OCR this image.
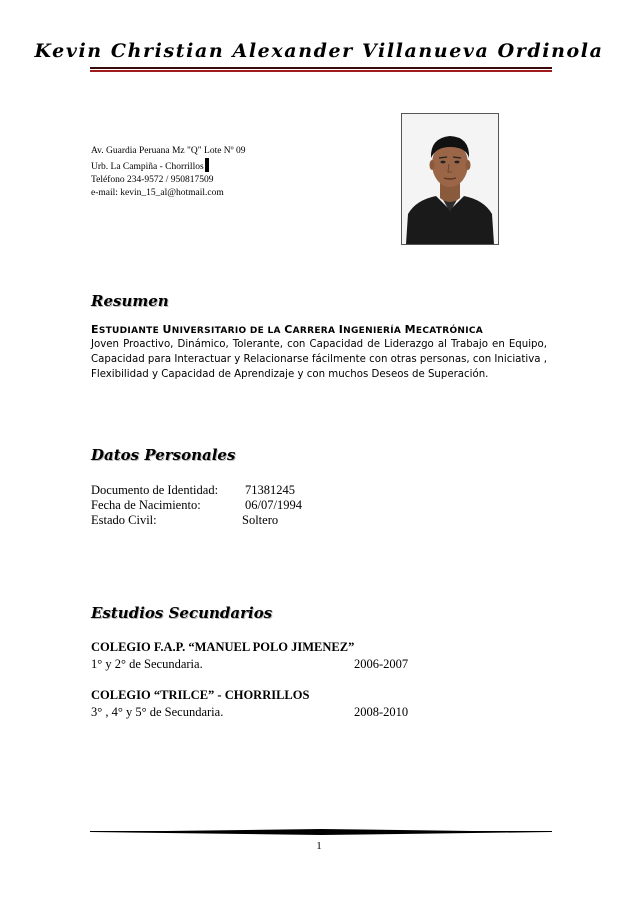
Kevin Christian Alexander Villanueva Ordinola
Av. Guardia Peruana Mz "Q" Lote Nº 09
Urb. La Campiña - Chorrillos
Teléfono 234-9572 / 950817509
e-mail: kevin_15_al@hotmail.com
Resumen
ESTUDIANTE UNIVERSITARIO DE LA CARRERA INGENIERÍA MECATRÓNICA
Joven Proactivo, Dinámico, Tolerante, con Capacidad de Liderazgo al Trabajo en Equipo, Capacidad para Interactuar y Relacionarse fácilmente con otras personas, con Iniciativa , Flexibilidad y Capacidad de Aprendizaje y con muchos Deseos de Superación.
Datos Personales
Documento de Identidad: 71381245
Fecha de Nacimiento:	06/07/1994
Estado Civil:	Soltero
Estudios Secundarios
COLEGIO F.A.P. “MANUEL POLO JIMENEZ”
1° y 2° de Secundaria.	2006-2007
COLEGIO “TRILCE” - CHORRILLOS
3° , 4° y 5° de Secundaria.	2008-2010
1
